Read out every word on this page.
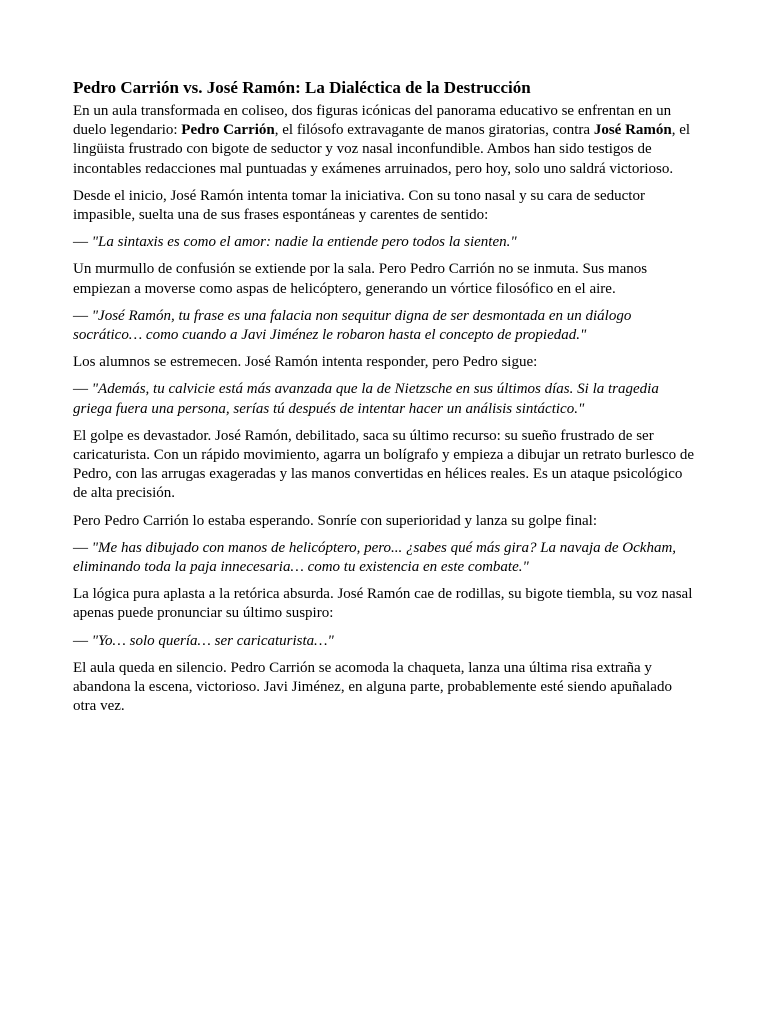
Pedro Carrión vs. José Ramón: La Dialéctica de la Destrucción

En un aula transformada en coliseo, dos figuras icónicas del panorama educativo se enfrentan en un duelo legendario: Pedro Carrión, el filósofo extravagante de manos giratorias, contra José Ramón, el lingüista frustrado con bigote de seductor y voz nasal inconfundible. Ambos han sido testigos de incontables redacciones mal puntuadas y exámenes arruinados, pero hoy, solo uno saldrá victorioso.

Desde el inicio, José Ramón intenta tomar la iniciativa. Con su tono nasal y su cara de seductor impasible, suelta una de sus frases espontáneas y carentes de sentido:

— "La sintaxis es como el amor: nadie la entiende pero todos la sienten."

Un murmullo de confusión se extiende por la sala. Pero Pedro Carrión no se inmuta. Sus manos empiezan a moverse como aspas de helicóptero, generando un vórtice filosófico en el aire.

— "José Ramón, tu frase es una falacia non sequitur digna de ser desmontada en un diálogo socrático… como cuando a Javi Jiménez le robaron hasta el concepto de propiedad."

Los alumnos se estremecen. José Ramón intenta responder, pero Pedro sigue:

— "Además, tu calvicie está más avanzada que la de Nietzsche en sus últimos días. Si la tragedia griega fuera una persona, serías tú después de intentar hacer un análisis sintáctico."

El golpe es devastador. José Ramón, debilitado, saca su último recurso: su sueño frustrado de ser caricaturista. Con un rápido movimiento, agarra un bolígrafo y empieza a dibujar un retrato burlesco de Pedro, con las arrugas exageradas y las manos convertidas en hélices reales. Es un ataque psicológico de alta precisión.

Pero Pedro Carrión lo estaba esperando. Sonríe con superioridad y lanza su golpe final:

— "Me has dibujado con manos de helicóptero, pero... ¿sabes qué más gira? La navaja de Ockham, eliminando toda la paja innecesaria… como tu existencia en este combate."

La lógica pura aplasta a la retórica absurda. José Ramón cae de rodillas, su bigote tiembla, su voz nasal apenas puede pronunciar su último suspiro:

— "Yo… solo quería… ser caricaturista…"

El aula queda en silencio. Pedro Carrión se acomoda la chaqueta, lanza una última risa extraña y abandona la escena, victorioso. Javi Jiménez, en alguna parte, probablemente esté siendo apuñalado otra vez.
